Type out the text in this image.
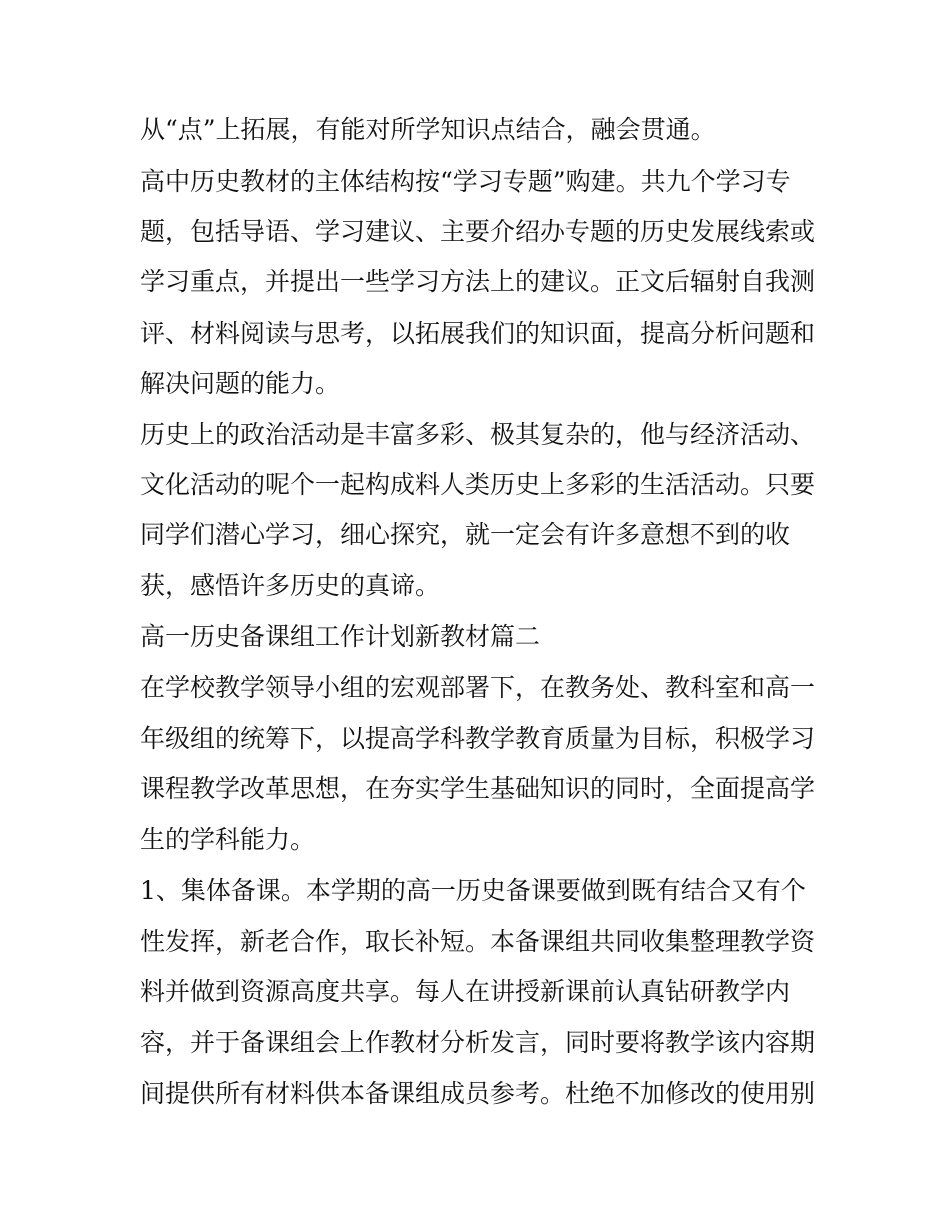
从“点”上拓展，有能对所学知识点结合，融会贯通。

高中历史教材的主体结构按“学习专题”购建。共九个学习专

题，包括导语、学习建议、主要介绍办专题的历史发展线索或

学习重点，并提出一些学习方法上的建议。正文后辐射自我测

评、材料阅读与思考，以拓展我们的知识面，提高分析问题和

解决问题的能力。

历史上的政治活动是丰富多彩、极其复杂的，他与经济活动、

文化活动的呢个一起构成料人类历史上多彩的生活活动。只要

同学们潜心学习，细心探究，就一定会有许多意想不到的收

获，感悟许多历史的真谛。

高一历史备课组工作计划新教材篇二

在学校教学领导小组的宏观部署下，在教务处、教科室和高一

年级组的统筹下，以提高学科教学教育质量为目标，积极学习

课程教学改革思想，在夯实学生基础知识的同时，全面提高学

生的学科能力。

1、集体备课。本学期的高一历史备课要做到既有结合又有个

性发挥，新老合作，取长补短。本备课组共同收集整理教学资

料并做到资源高度共享。每人在讲授新课前认真钻研教学内

容，并于备课组会上作教材分析发言，同时要将教学该内容期

间提供所有材料供本备课组成员参考。杜绝不加修改的使用别
